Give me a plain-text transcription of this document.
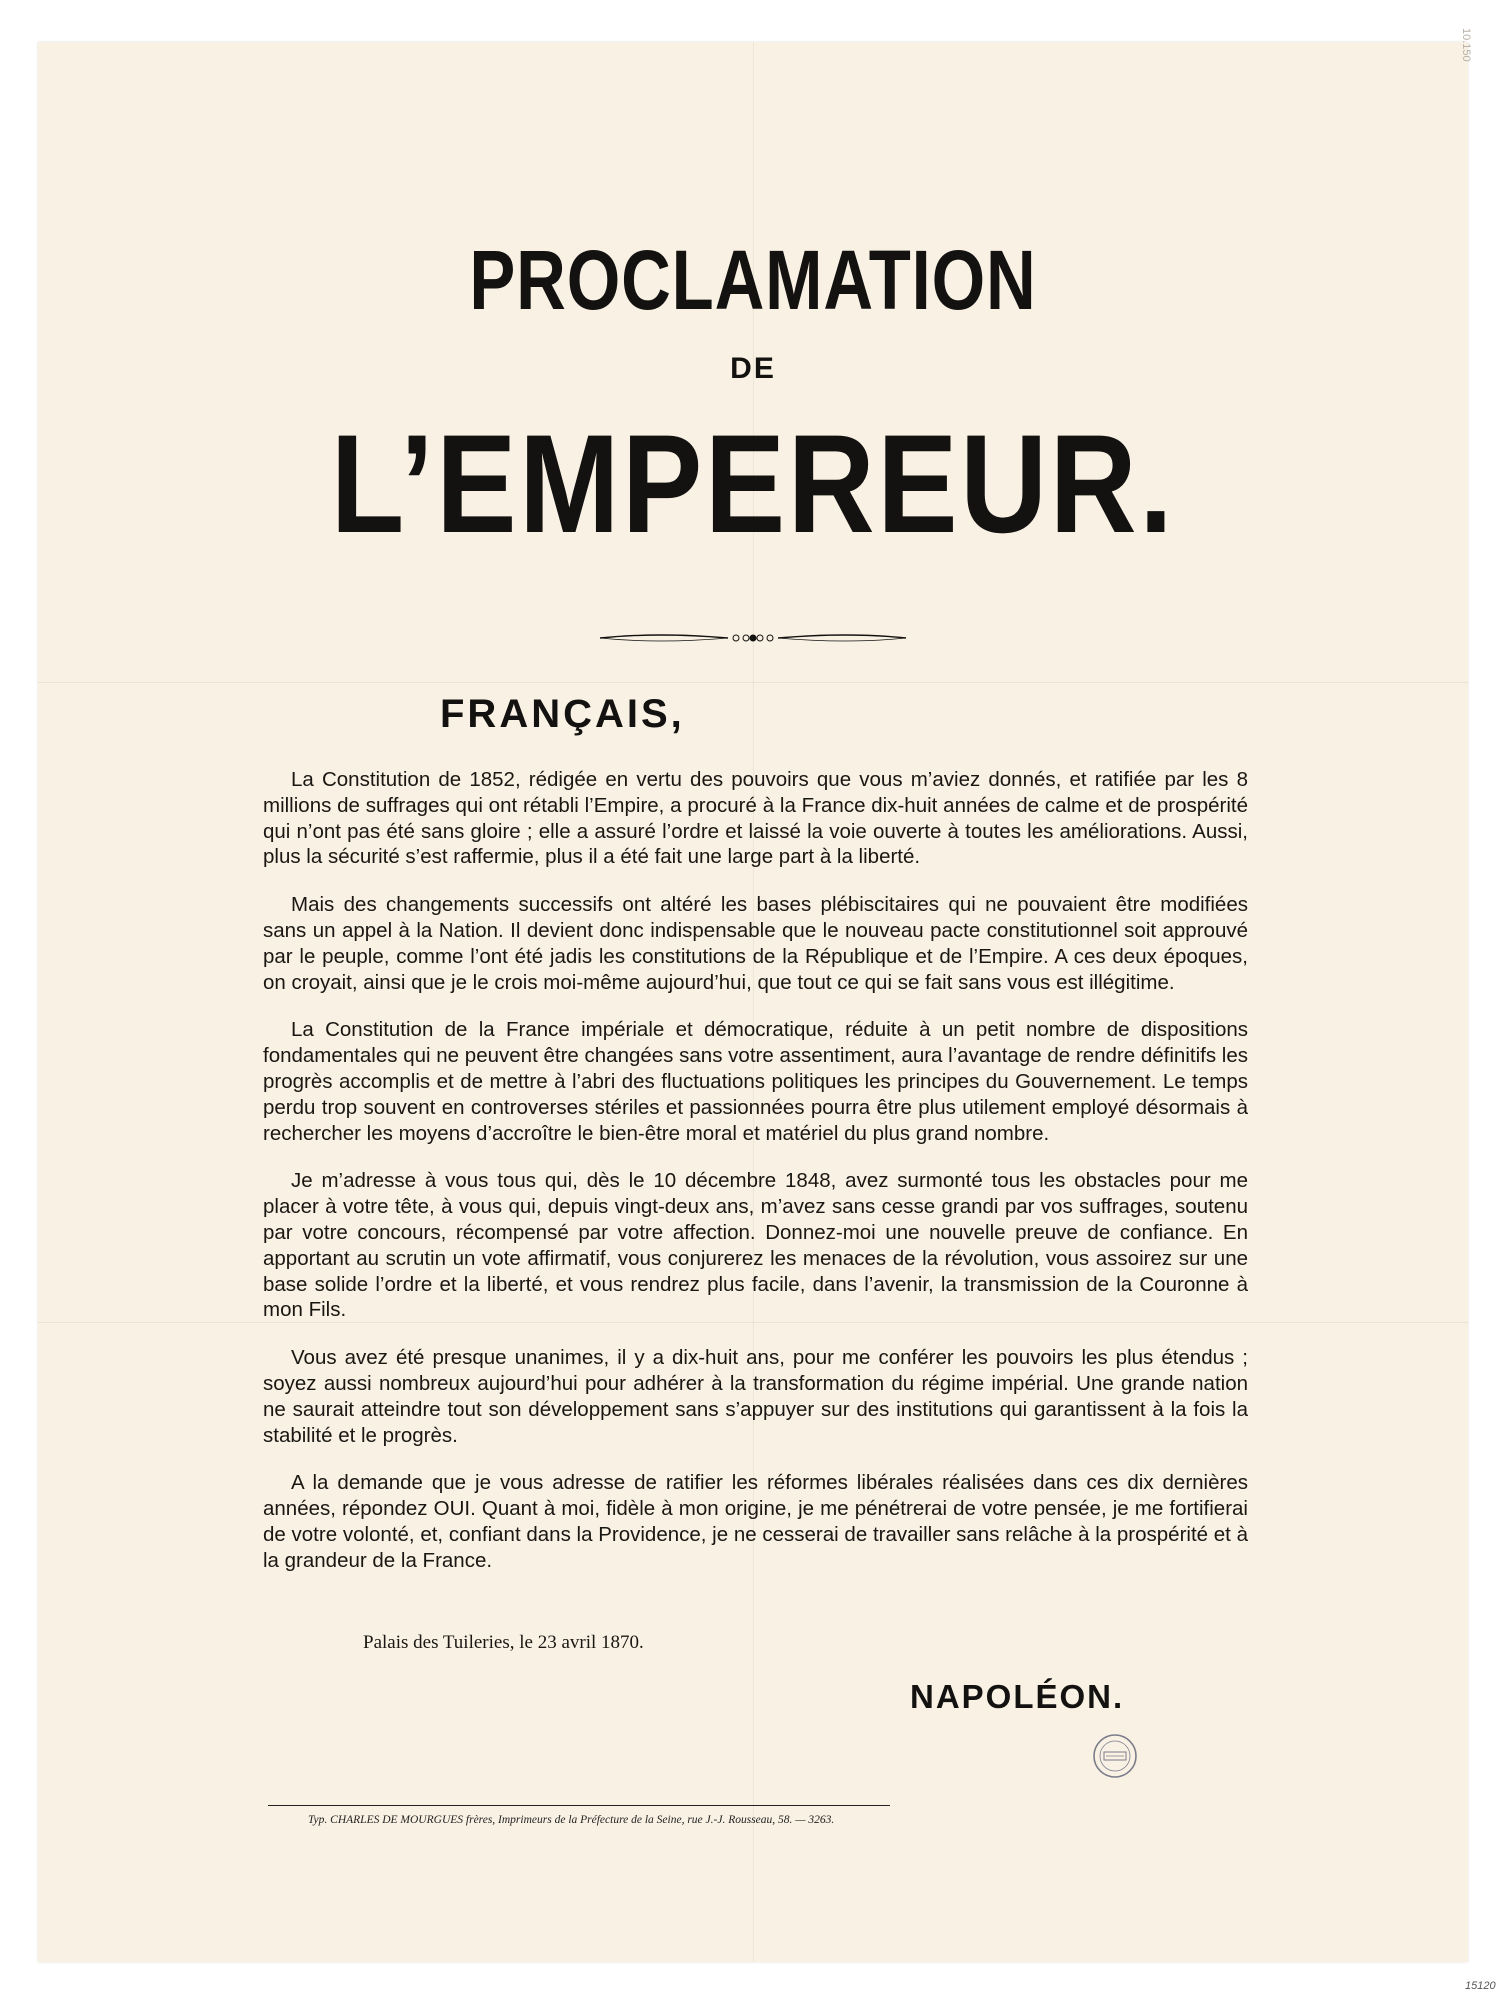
PROCLAMATION
DE
L’EMPEREUR.
FRANÇAIS,

La Constitution de 1852, rédigée en vertu des pouvoirs que vous m’aviez donnés, et ratifiée par les 8 millions de suffrages qui ont rétabli l’Empire, a procuré à la France dix-huit années de calme et de prospérité qui n’ont pas été sans gloire ; elle a assuré l’ordre et laissé la voie ouverte à toutes les améliorations. Aussi, plus la sécurité s’est raffermie, plus il a été fait une large part à la liberté.

Mais des changements successifs ont altéré les bases plébiscitaires qui ne pouvaient être modifiées sans un appel à la Nation. Il devient donc indispensable que le nouveau pacte constitutionnel soit approuvé par le peuple, comme l’ont été jadis les constitutions de la République et de l’Empire. A ces deux époques, on croyait, ainsi que je le crois moi-même aujourd’hui, que tout ce qui se fait sans vous est illégitime.

La Constitution de la France impériale et démocratique, réduite à un petit nombre de dispositions fondamentales qui ne peuvent être changées sans votre assentiment, aura l’avantage de rendre définitifs les progrès accomplis et de mettre à l’abri des fluctuations politiques les principes du Gouvernement. Le temps perdu trop souvent en controverses stériles et passionnées pourra être plus utilement employé désormais à rechercher les moyens d’accroître le bien-être moral et matériel du plus grand nombre.

Je m’adresse à vous tous qui, dès le 10 décembre 1848, avez surmonté tous les obstacles pour me placer à votre tête, à vous qui, depuis vingt-deux ans, m’avez sans cesse grandi par vos suffrages, soutenu par votre concours, récompensé par votre affection. Donnez-moi une nouvelle preuve de confiance. En apportant au scrutin un vote affirmatif, vous conjurerez les menaces de la révolution, vous assoirez sur une base solide l’ordre et la liberté, et vous rendrez plus facile, dans l’avenir, la transmission de la Couronne à mon Fils.

Vous avez été presque unanimes, il y a dix-huit ans, pour me conférer les pouvoirs les plus étendus ; soyez aussi nombreux aujourd’hui pour adhérer à la transformation du régime impérial. Une grande nation ne saurait atteindre tout son développement sans s’appuyer sur des institutions qui garantissent à la fois la stabilité et le progrès.

A la demande que je vous adresse de ratifier les réformes libérales réalisées dans ces dix dernières années, répondez OUI. Quant à moi, fidèle à mon origine, je me pénétrerai de votre pensée, je me fortifierai de votre volonté, et, confiant dans la Providence, je ne cesserai de travailler sans relâche à la prospérité et à la grandeur de la France.

Palais des Tuileries, le 23 avril 1870.
NAPOLÉON.
Typ. CHARLES DE MOURGUES frères, Imprimeurs de la Préfecture de la Seine, rue J.-J. Rousseau, 58. — 3263.
15120
10.150
